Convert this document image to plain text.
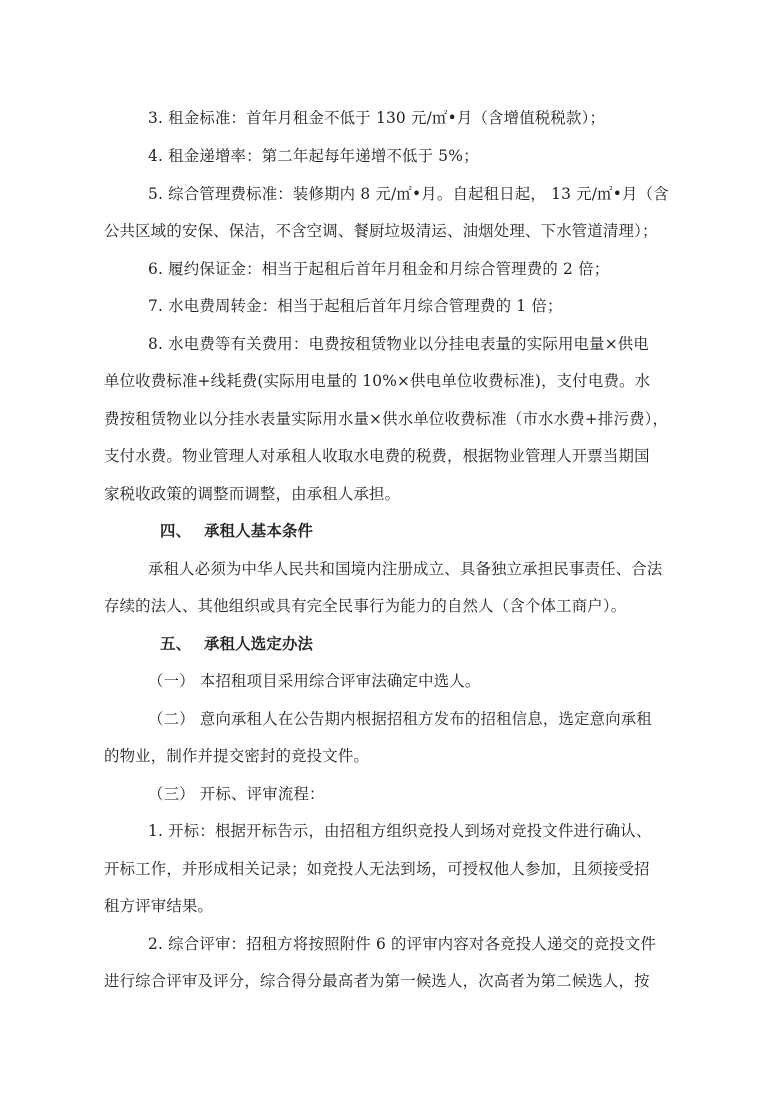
3. 租金标准：首年月租金不低于 130 元/㎡•月（含增值税税款）；
4. 租金递增率：第二年起每年递增不低于 5%；
5. 综合管理费标准：装修期内 8 元/㎡•月。自起租日起， 13 元/㎡•月（含
公共区域的安保、保洁，不含空调、餐厨垃圾清运、油烟处理、下水管道清理）；
6. 履约保证金：相当于起租后首年月租金和月综合管理费的 2 倍；
7. 水电费周转金：相当于起租后首年月综合管理费的 1 倍；
8. 水电费等有关费用：电费按租赁物业以分挂电表量的实际用电量×供电
单位收费标准+线耗费(实际用电量的 10%×供电单位收费标准)，支付电费。水
费按租赁物业以分挂水表量实际用水量×供水单位收费标准（市水水费+排污费），
支付水费。物业管理人对承租人收取水电费的税费，根据物业管理人开票当期国
家税收政策的调整而调整，由承租人承担。
四、 承租人基本条件
承租人必须为中华人民共和国境内注册成立、具备独立承担民事责任、合法
存续的法人、其他组织或具有完全民事行为能力的自然人（含个体工商户）。
五、 承租人选定办法
（一） 本招租项目采用综合评审法确定中选人。
（二） 意向承租人在公告期内根据招租方发布的招租信息，选定意向承租
的物业，制作并提交密封的竞投文件。
（三） 开标、评审流程：
1. 开标：根据开标告示，由招租方组织竞投人到场对竞投文件进行确认、
开标工作，并形成相关记录；如竞投人无法到场，可授权他人参加，且须接受招
租方评审结果。
2. 综合评审：招租方将按照附件 6 的评审内容对各竞投人递交的竞投文件
进行综合评审及评分，综合得分最高者为第一候选人，次高者为第二候选人，按
